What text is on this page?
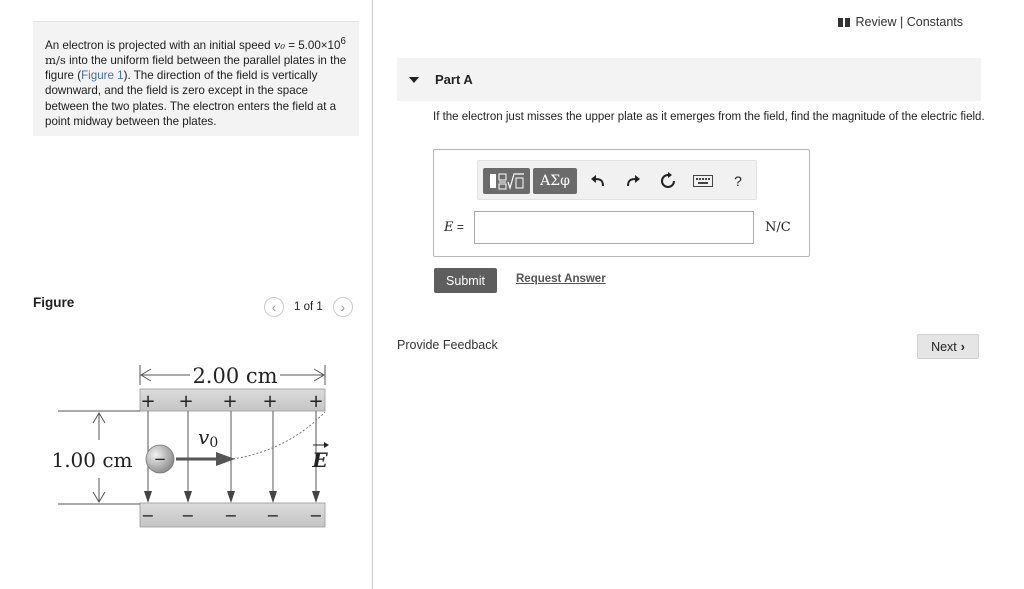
An electron is projected with an initial speed $v_0 = 5.00\times 10^6$ m/s into the uniform field between the parallel plates in the figure (Figure 1). The direction of the field is vertically downward, and the field is zero except in the space between the two plates. The electron enters the field at a point midway between the plates.
Figure	‹	1 of 1	›
2.00 cm
+ + + + +
− − − − −
1.00 cm
v0
−	E
Review | Constants
Part A
If the electron just misses the upper plate as it emerges from the field, find the magnitude of the electric field.
ΑΣφ	?
E =	N/C
Submit	Request Answer
Provide Feedback	Next ›
